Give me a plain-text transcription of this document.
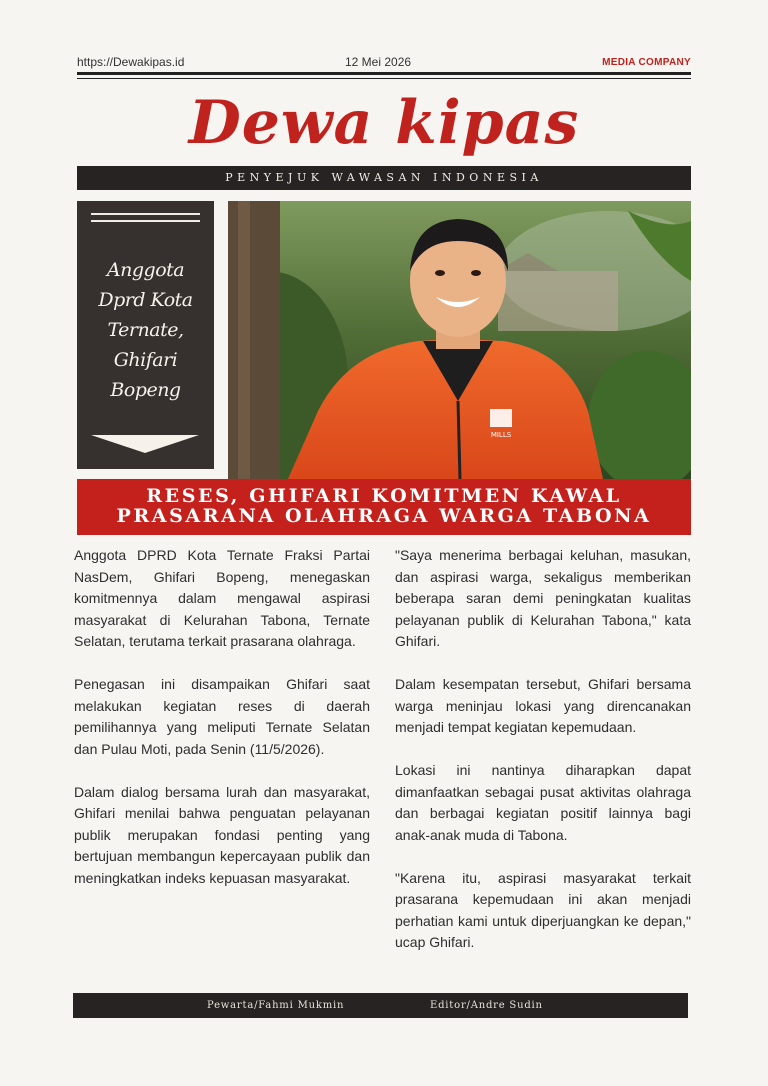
https://Dewakipas.id	12 Mei 2026	MEDIA COMPANY
Dewa kipas
PENYEJUK WAWASAN INDONESIA
Anggota
Dprd Kota
Ternate,
Ghifari
Bopeng
MILLS
RESES, GHIFARI KOMITMEN KAWAL
PRASARANA OLAHRAGA WARGA TABONA

Anggota DPRD Kota Ternate Fraksi Partai NasDem, Ghifari Bopeng, menegaskan komitmennya dalam mengawal aspirasi masyarakat di Kelurahan Tabona, Ternate Selatan, terutama terkait prasarana olahraga.

Penegasan ini disampaikan Ghifari saat melakukan kegiatan reses di daerah pemilihannya yang meliputi Ternate Selatan dan Pulau Moti, pada Senin (11/5/2026).

Dalam dialog bersama lurah dan masyarakat, Ghifari menilai bahwa penguatan pelayanan publik merupakan fondasi penting yang bertujuan membangun kepercayaan publik dan meningkatkan indeks kepuasan masyarakat.

"Saya menerima berbagai keluhan, masukan, dan aspirasi warga, sekaligus memberikan beberapa saran demi peningkatan kualitas pelayanan publik di Kelurahan Tabona," kata Ghifari.

Dalam kesempatan tersebut, Ghifari bersama warga meninjau lokasi yang direncanakan menjadi tempat kegiatan kepemudaan.

Lokasi ini nantinya diharapkan dapat dimanfaatkan sebagai pusat aktivitas olahraga dan berbagai kegiatan positif lainnya bagi anak-anak muda di Tabona.

"Karena itu, aspirasi masyarakat terkait prasarana kepemudaan ini akan menjadi perhatian kami untuk diperjuangkan ke depan," ucap Ghifari.

Pewarta/Fahmi Mukmin	Editor/Andre Sudin
